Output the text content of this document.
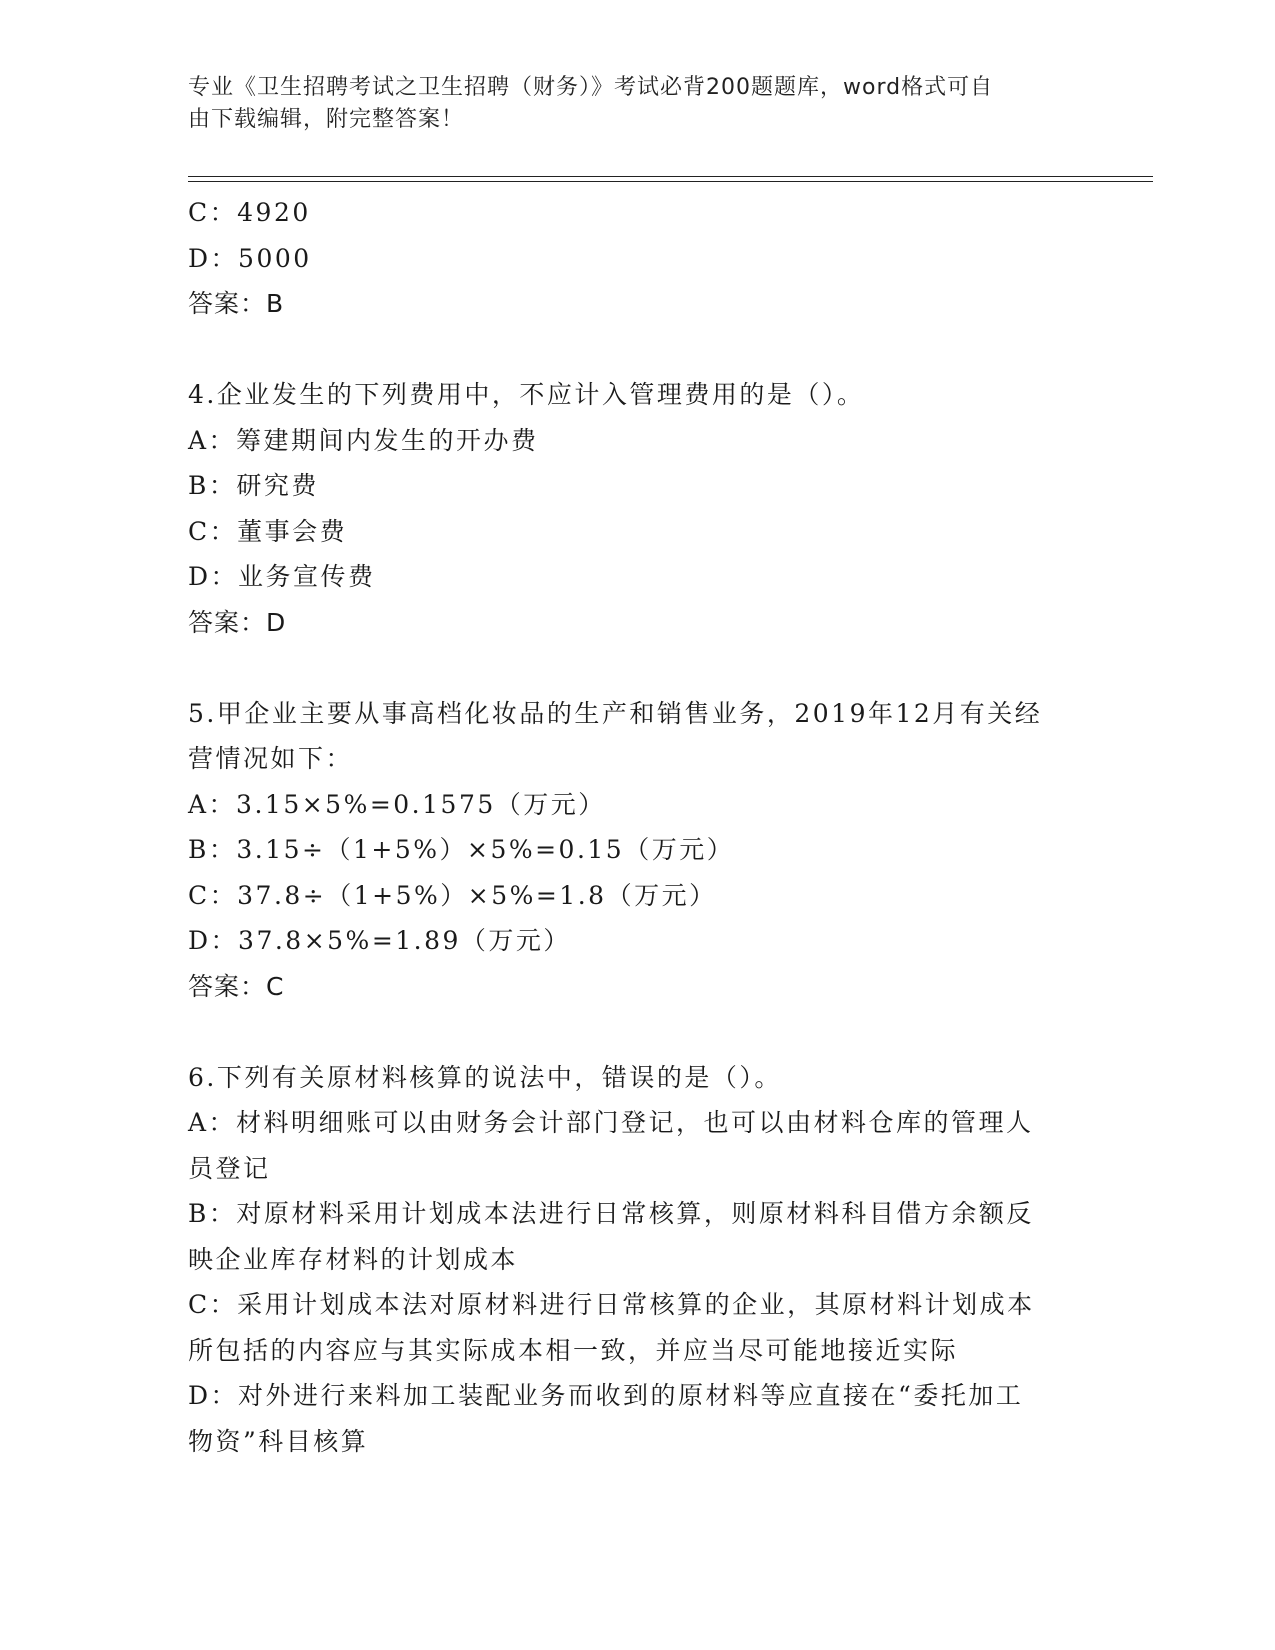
专业《卫生招聘考试之卫生招聘（财务）》考试必背200题题库，word格式可自
由下载编辑，附完整答案！
C：4920
D：5000
答案：B
4.企业发生的下列费用中，不应计入管理费用的是（）。
A：筹建期间内发生的开办费
B：研究费
C：董事会费
D：业务宣传费
答案：D
5.甲企业主要从事高档化妆品的生产和销售业务，2019年12月有关经
营情况如下：
A：3.15×5%=0.1575（万元）
B：3.15÷（1+5%）×5%=0.15（万元）
C：37.8÷（1+5%）×5%=1.8（万元）
D：37.8×5%=1.89（万元）
答案：C
6.下列有关原材料核算的说法中，错误的是（）。
A：材料明细账可以由财务会计部门登记，也可以由材料仓库的管理人
员登记
B：对原材料采用计划成本法进行日常核算，则原材料科目借方余额反
映企业库存材料的计划成本
C：采用计划成本法对原材料进行日常核算的企业，其原材料计划成本
所包括的内容应与其实际成本相一致，并应当尽可能地接近实际
D：对外进行来料加工装配业务而收到的原材料等应直接在“委托加工
物资”科目核算
